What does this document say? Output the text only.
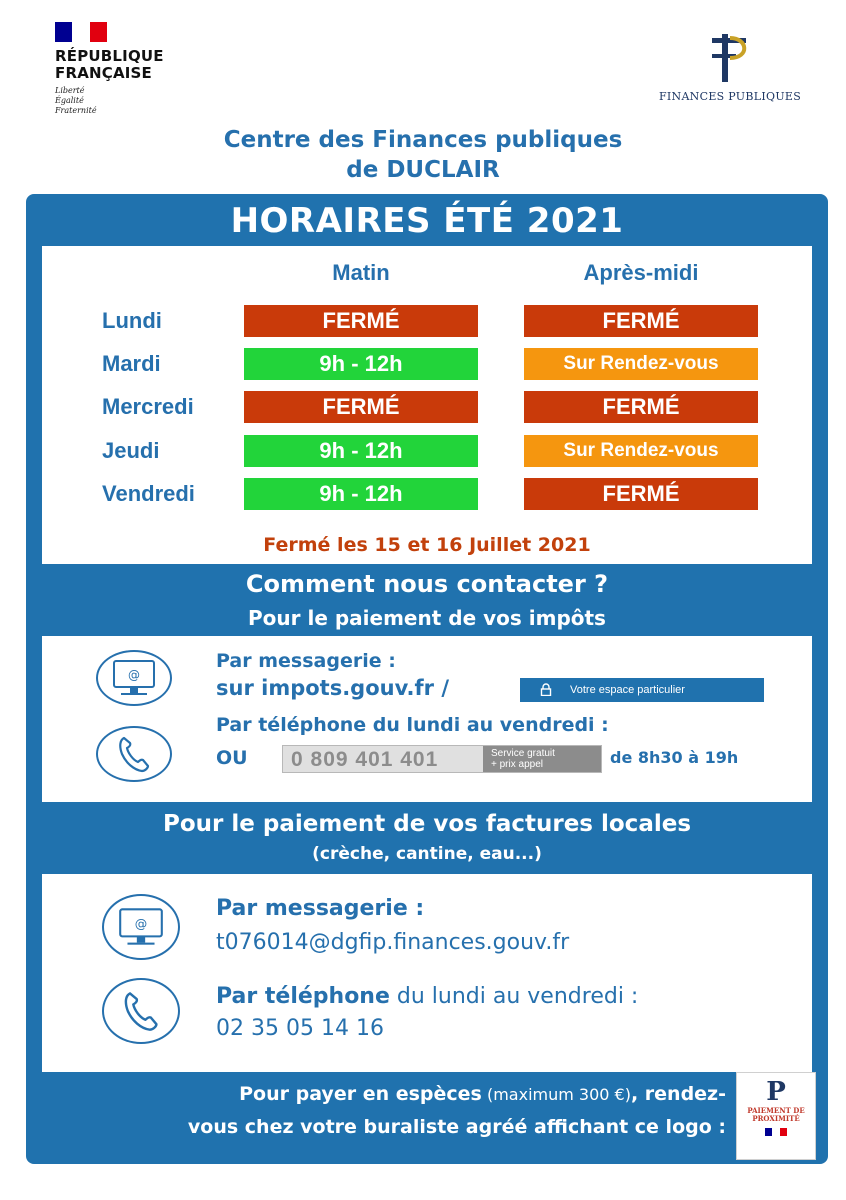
RÉPUBLIQUE
FRANÇAISE
Liberté
Égalité
Fraternité
FINANCES PUBLIQUES
Centre des Finances publiques
de DUCLAIR
HORAIRES ÉTÉ 2021
Matin	Après-midi
Lundi	FERMÉ	FERMÉ
Mardi	9h - 12h	Sur Rendez-vous
Mercredi	FERMÉ	FERMÉ
Jeudi	9h - 12h	Sur Rendez-vous
Vendredi	9h - 12h	FERMÉ
Fermé les 15 et 16 Juillet 2021
Comment nous contacter ?
Pour le paiement de vos impôts
@
Par messagerie :
sur impots.gouv.fr /	Votre espace particulier
Par téléphone du lundi au vendredi :
OU 0 809 401 401	Service gratuit
+ prix appel	de 8h30 à 19h
Pour le paiement de vos factures locales
(crèche, cantine, eau...)
@
Par messagerie :
t076014@dgfip.finances.gouv.fr
Par téléphone du lundi au vendredi :
02 35 05 14 16
Pour payer en espèces (maximum 300 €), rendez-
vous chez votre buraliste agréé affichant ce logo :
P
PAIEMENT DE
PROXIMITÉ
